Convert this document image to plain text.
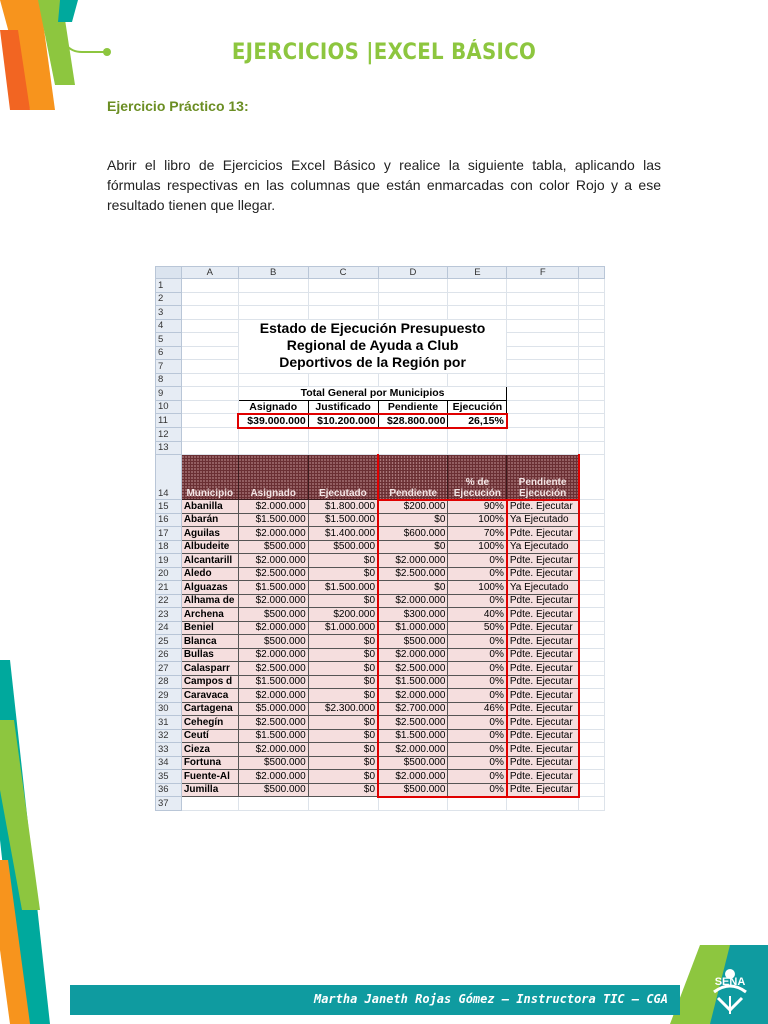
EJERCICIOS |EXCEL BÁSICO
Ejercicio Práctico 13:
Abrir el libro de Ejercicios Excel Básico y realice la siguiente tabla, aplicando las fórmulas respectivas en las columnas que están enmarcadas con color Rojo y a ese resultado tienen que llegar.
	A	B	C	D	E	F	
1							
2							
3							
4		Estado de Ejecución Presupuesto
Regional de Ayuda a Club
Deportivos de la Región por					

5							
6							
7							
8							
9		Total General por Municipios					
10		Asignado	Justificado	Pendiente	Ejecución		
11		$39.000.000	$10.200.000	$28.800.000	26,15%		
12							
13							
14	Municipio	Asignado	Ejecutado	Pendiente	% de Ejecución	Pendiente Ejecución	
15	Abanilla	$2.000.000	$1.800.000	$200.000	90%	Pdte. Ejecutar	
16	Abarán	$1.500.000	$1.500.000	$0	100%	Ya Ejecutado	
17	Aguilas	$2.000.000	$1.400.000	$600.000	70%	Pdte. Ejecutar	
18	Albudeite	$500.000	$500.000	$0	100%	Ya Ejecutado	
19	Alcantarill	$2.000.000	$0	$2.000.000	0%	Pdte. Ejecutar	
20	Aledo	$2.500.000	$0	$2.500.000	0%	Pdte. Ejecutar	
21	Alguazas	$1.500.000	$1.500.000	$0	100%	Ya Ejecutado	
22	Alhama de	$2.000.000	$0	$2.000.000	0%	Pdte. Ejecutar	
23	Archena	$500.000	$200.000	$300.000	40%	Pdte. Ejecutar	
24	Beniel	$2.000.000	$1.000.000	$1.000.000	50%	Pdte. Ejecutar	
25	Blanca	$500.000	$0	$500.000	0%	Pdte. Ejecutar	
26	Bullas	$2.000.000	$0	$2.000.000	0%	Pdte. Ejecutar	
27	Calasparr	$2.500.000	$0	$2.500.000	0%	Pdte. Ejecutar	
28	Campos d	$1.500.000	$0	$1.500.000	0%	Pdte. Ejecutar	
29	Caravaca	$2.000.000	$0	$2.000.000	0%	Pdte. Ejecutar	
30	Cartagena	$5.000.000	$2.300.000	$2.700.000	46%	Pdte. Ejecutar	
31	Cehegín	$2.500.000	$0	$2.500.000	0%	Pdte. Ejecutar	
32	Ceutí	$1.500.000	$0	$1.500.000	0%	Pdte. Ejecutar	
33	Cieza	$2.000.000	$0	$2.000.000	0%	Pdte. Ejecutar	
34	Fortuna	$500.000	$0	$500.000	0%	Pdte. Ejecutar	
35	Fuente-Al	$2.000.000	$0	$2.000.000	0%	Pdte. Ejecutar	
36	Jumilla	$500.000	$0	$500.000	0%	Pdte. Ejecutar	
37							
Martha Janeth Rojas Gómez – Instructora TIC – CGA
SENA
